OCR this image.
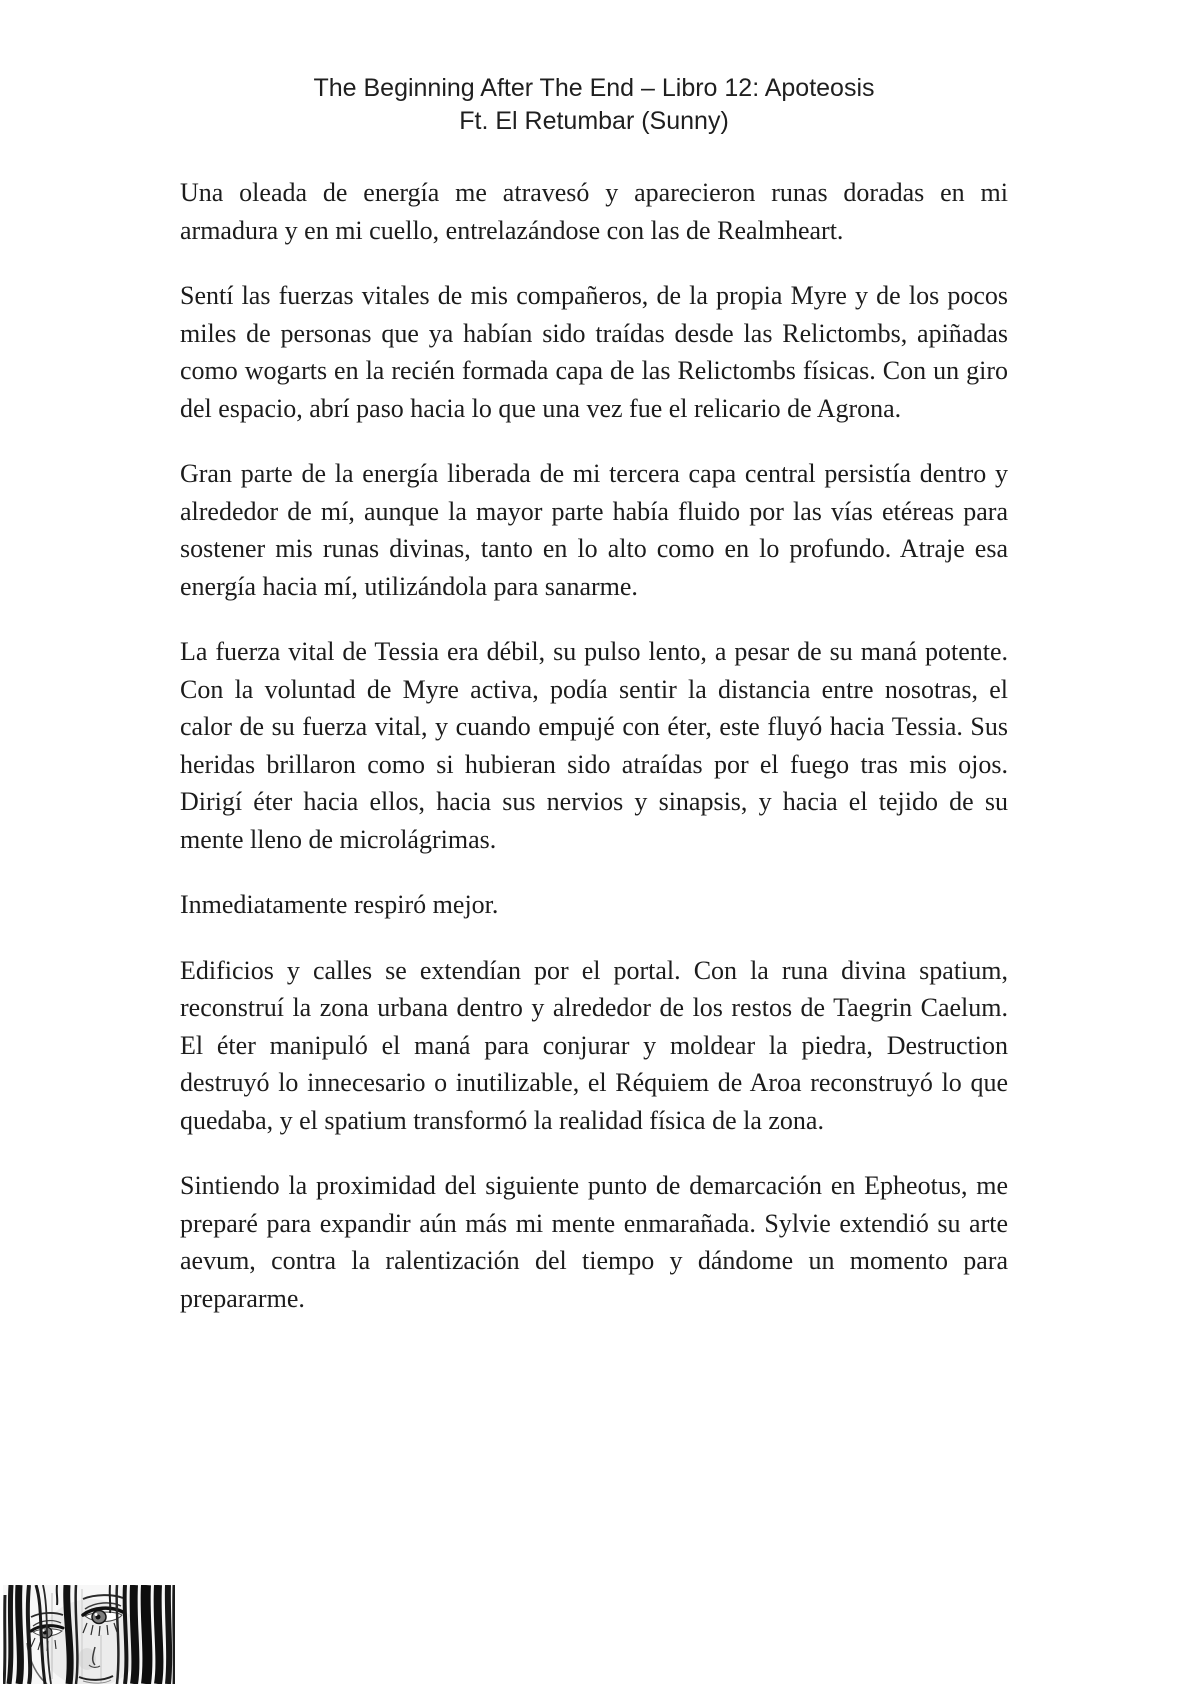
The Beginning After The End – Libro 12: Apoteosis
Ft. El Retumbar (Sunny)

Una oleada de energía me atravesó y aparecieron runas doradas en mi armadura y en mi cuello, entrelazándose con las de Realmheart.

Sentí las fuerzas vitales de mis compañeros, de la propia Myre y de los pocos miles de personas que ya habían sido traídas desde las Relictombs, apiñadas como wogarts en la recién formada capa de las Relictombs físicas. Con un giro del espacio, abrí paso hacia lo que una vez fue el relicario de Agrona.

Gran parte de la energía liberada de mi tercera capa central persistía dentro y alrededor de mí, aunque la mayor parte había fluido por las vías etéreas para sostener mis runas divinas, tanto en lo alto como en lo profundo. Atraje esa energía hacia mí, utilizándola para sanarme.

La fuerza vital de Tessia era débil, su pulso lento, a pesar de su maná potente. Con la voluntad de Myre activa, podía sentir la distancia entre nosotras, el calor de su fuerza vital, y cuando empujé con éter, este fluyó hacia Tessia. Sus heridas brillaron como si hubieran sido atraídas por el fuego tras mis ojos. Dirigí éter hacia ellos, hacia sus nervios y sinapsis, y hacia el tejido de su mente lleno de microlágrimas.

Inmediatamente respiró mejor.

Edificios y calles se extendían por el portal. Con la runa divina spatium, reconstruí la zona urbana dentro y alrededor de los restos de Taegrin Caelum. El éter manipuló el maná para conjurar y moldear la piedra, Destruction destruyó lo innecesario o inutilizable, el Réquiem de Aroa reconstruyó lo que quedaba, y el spatium transformó la realidad física de la zona.

Sintiendo la proximidad del siguiente punto de demarcación en Epheotus, me preparé para expandir aún más mi mente enmarañada. Sylvie extendió su arte aevum, contra la ralentización del tiempo y dándome un momento para prepararme.
